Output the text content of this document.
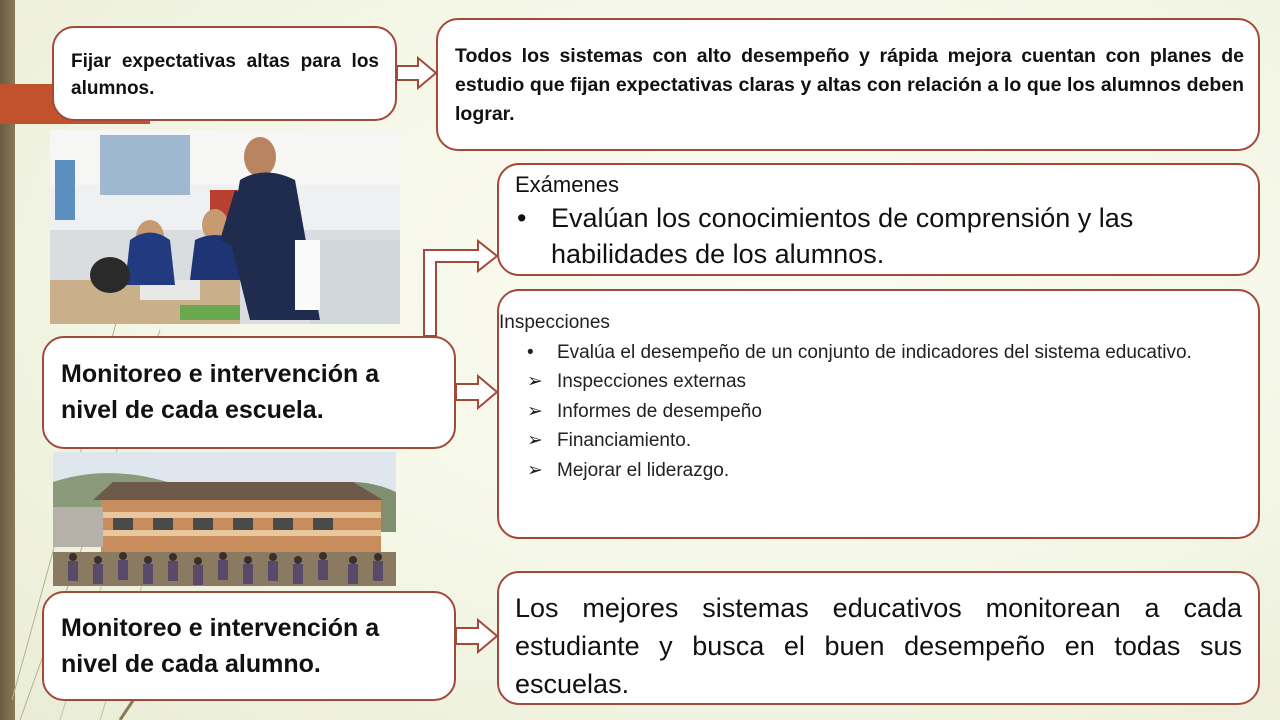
Fijar expectativas altas para los alumnos.
Todos los sistemas con alto desempeño y rápida mejora cuentan con planes de estudio que fijan expectativas claras y altas con relación a lo que los alumnos deben lograr.
Exámenes
• Evalúan los conocimientos de comprensión y las habilidades de los alumnos.
Inspecciones
• Evalúa el desempeño de un conjunto de indicadores del sistema educativo.
➢ Inspecciones externas
➢ Informes de desempeño
➢ Financiamiento.
➢ Mejorar el liderazgo.
Monitoreo e intervención a nivel de cada escuela.
Monitoreo e intervención a nivel de cada alumno.
Los mejores sistemas educativos monitorean a cada estudiante y busca el buen desempeño en todas sus escuelas.
